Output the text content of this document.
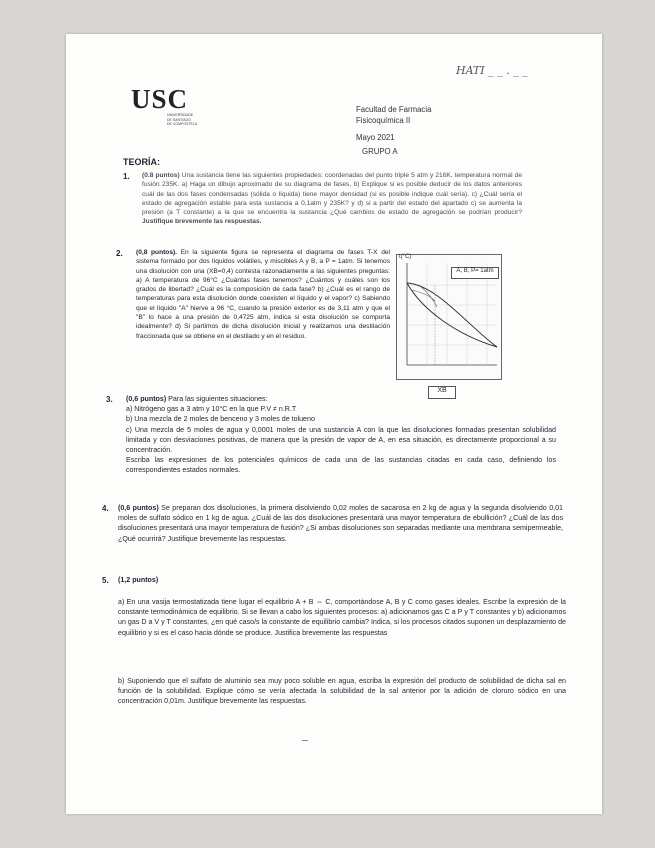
HATI _ _ . _ _
USC
UNIVERSIDADE
DE SANTIAGO
DE COMPOSTELA
Facultad de Farmacia
Fisicoquímica II
Mayo 2021
GRUPO A
TEORÍA:
1. (0.8 puntos) Una sustancia tiene las siguientes propiedades: coordenadas del punto triple 5 atm y 216K, temperatura normal de fusión 235K. a) Haga un dibujo aproximado de su diagrama de fases, b) Explique si es posible deducir de los datos anteriores cuál de las dos fases condensadas (sólida o líquida) tiene mayor densidad (si es posible indique cuál sería). c) ¿Cuál sería el estado de agregación estable para esta sustancia a 0,1atm y 235K? y d) si a partir del estado del apartado c) se aumenta la presión (a T constante) a la que se encuentra la sustancia ¿Qué cambios de estado de agregación se podrían producir? Justifique brevemente las respuestas.
2. (0,8 puntos). En la siguiente figura se representa el diagrama de fases T-X del sistema formado por dos líquidos volátiles, y miscibles A y B, a P = 1atm. Si tenemos una disolución con una (XB=0,4) contesta razonadamente a las siguientes preguntas: a) A temperatura de 96°C ¿Cuántas fases tenemos? ¿Cuántos y cuáles son los grados de libertad? ¿Cuál es la composición de cada fase? b) ¿Cuál es el rango de temperaturas para esta disolución donde coexisten el líquido y el vapor? c) Sabiendo que el líquido "A" hierve a 96 °C, cuando la presión exterior es de 3,11 atm y que el "B" lo hace a una presión de 0,4725 atm, indica si esta disolución se comporta idealmente? d) Si partimos de dicha disolución inicial y realizamos una destilación fraccionada que se obtiene en el destilado y en el residuo.
t(°C)
A, B, P= 1atm
XB
3. (0,6 puntos) Para las siguientes situaciones:
a) Nitrógeno gas a 3 atm y 10°C en la que P.V ≠ n.R.T
b) Una mezcla de 2 moles de benceno y 3 moles de tolueno
c) Una mezcla de 5 moles de agua y 0,0001 moles de una sustancia A con la que las disoluciones formadas presentan solubilidad limitada y con desviaciones positivas, de manera que la presión de vapor de A, en esa situación, es directamente proporcional a su concentración.
Escriba las expresiones de los potenciales químicos de cada una de las sustancias citadas en cada caso, definiendo los correspondientes estados normales.
4. (0,6 puntos) Se preparan dos disoluciones, la primera disolviendo 0,02 moles de sacarosa en 2 kg de agua y la segunda disolviendo 0,01 moles de sulfato sódico en 1 kg de agua. ¿Cuál de las dos disoluciones presentará una mayor temperatura de ebullición? ¿Cuál de las dos disoluciones presentará una mayor temperatura de fusión? ¿Si ambas disoluciones son separadas mediante una membrana semipermeable, ¿Qué ocurrirá? Justifique brevemente las respuestas.
5. (1,2 puntos)
a) En una vasija termostatizada tiene lugar el equilibrio A + B ⇔ C, comportándose A, B y C como gases ideales. Escribe la expresión de la constante termodinámica de equilibrio. Si se llevan a cabo los siguientes procesos: a) adicionamos gas C a P y T constantes y b) adicionamos un gas D a V y T constantes, ¿en qué caso/s la constante de equilibrio cambia? Indica, si los procesos citados suponen un desplazamiento de equilibrio y si es el caso hacia dónde se produce. Justifica brevemente las respuestas
b) Suponiendo que el sulfato de aluminio sea muy poco soluble en agua, escriba la expresión del producto de solubilidad de dicha sal en función de la solubilidad. Explique cómo se vería afectada la solubilidad de la sal anterior por la adición de cloruro sódico en una concentración 0,01m. Justifique brevemente las respuestas.
